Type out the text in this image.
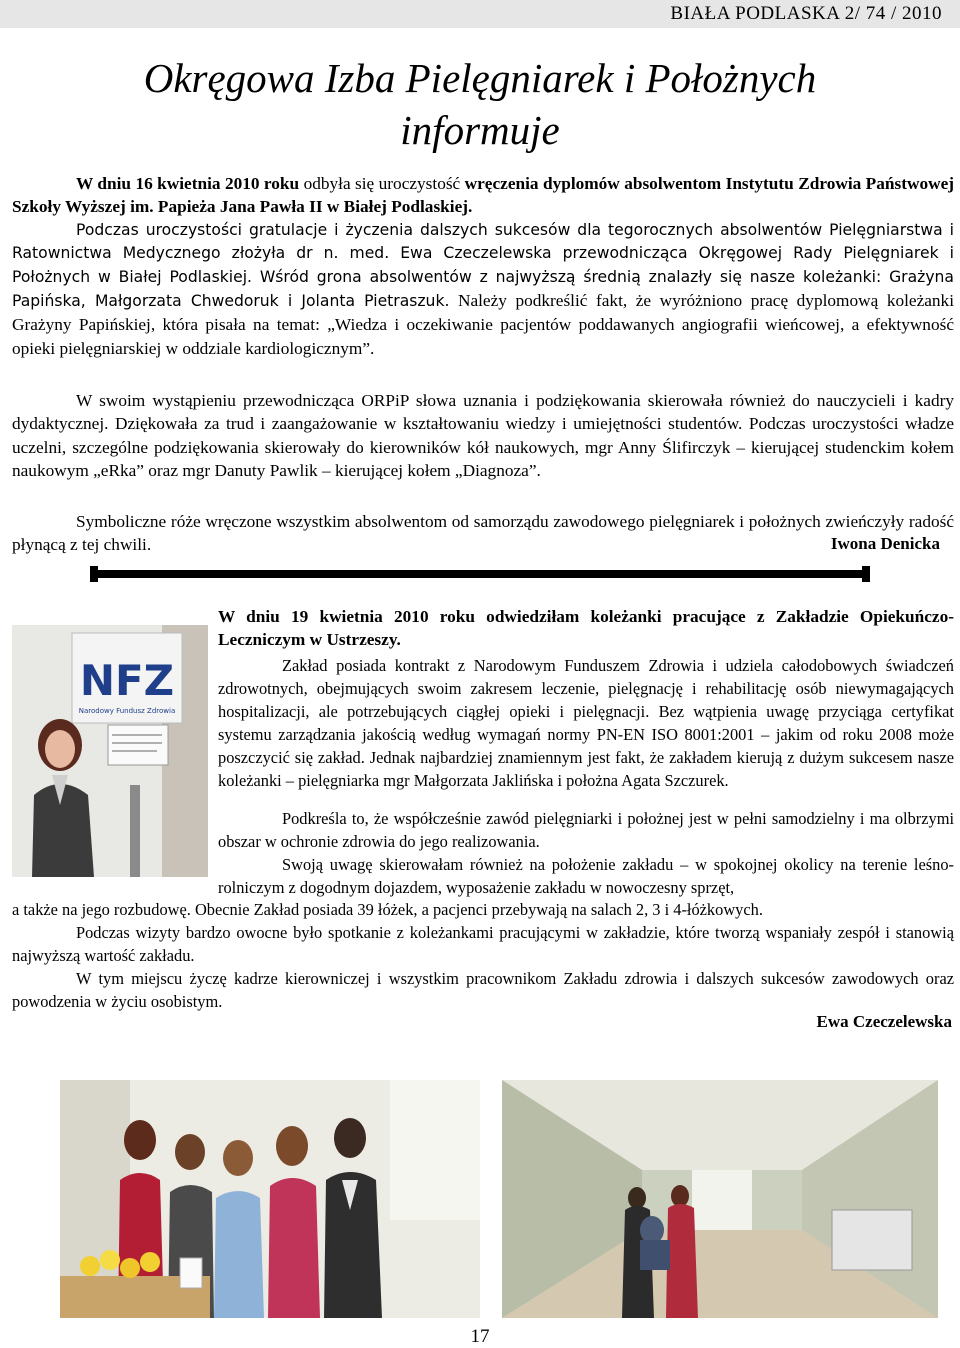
BIAŁA PODLASKA 2/ 74 / 2010
Okręgowa Izba Pielęgniarek i Położnych
informuje

W dniu 16 kwietnia 2010 roku odbyła się uroczystość wręczenia dyplomów absolwentom Instytutu Zdrowia Państwowej Szkoły Wyższej im. Papieża Jana Pawła II w Białej Podlaskiej.

Podczas uroczystości gratulacje i życzenia dalszych sukcesów dla tegorocznych absolwentów Pielęgniarstwa i Ratownictwa Medycznego złożyła dr n. med. Ewa Czeczelewska przewodnicząca Okręgowej Rady Pielęgniarek i Położnych w Białej Podlaskiej. Wśród grona absolwentów z najwyższą średnią znalazły się nasze koleżanki: Grażyna Papińska, Małgorzata Chwedoruk i Jolanta Pietraszuk. Należy podkreślić fakt, że wyróżniono pracę dyplomową koleżanki Grażyny Papińskiej, która pisała na temat: „Wiedza i oczekiwanie pacjentów poddawanych angiografii wieńcowej, a efektywność opieki pielęgniarskiej w oddziale kardiologicznym”.

W swoim wystąpieniu przewodnicząca ORPiP słowa uznania i podziękowania skierowała również do nauczycieli i kadry dydaktycznej. Dziękowała za trud i zaangażowanie w kształtowaniu wiedzy i umiejętności studentów. Podczas uroczystości władze uczelni, szczególne podziękowania skierowały do kierowników kół naukowych, mgr Anny Ślifirczyk – kierującej studenckim kołem naukowym „eRka” oraz mgr Danuty Pawlik – kierującej kołem „Diagnoza”.

Symboliczne róże wręczone wszystkim absolwentom od samorządu zawodowego pielęgniarek i położnych zwieńczyły radość płynącą z tej chwili.	Iwona Denicka
NFZ
Narodowy Fundusz Zdrowia

W dniu 19 kwietnia 2010 roku odwiedziłam koleżanki pracujące z Zakładzie Opiekuńczo-Leczniczym w Ustrzeszy.

Zakład posiada kontrakt z Narodowym Funduszem Zdrowia i udziela całodobowych świadczeń zdrowotnych, obejmujących swoim zakresem leczenie, pielęgnację i rehabilitację osób niewymagających hospitalizacji, ale potrzebujących ciągłej opieki i pielęgnacji. Bez wątpienia uwagę przyciąga certyfikat systemu zarządzania jakością według wymagań normy PN-EN ISO 8001:2001 – jakim od roku 2008 może poszczycić się zakład. Jednak najbardziej znamiennym jest fakt, że zakładem kierują z dużym sukcesem nasze koleżanki – pielęgniarka mgr Małgorzata Jaklińska i położna Agata Szczurek.

Podkreśla to, że współcześnie zawód pielęgniarki i położnej jest w pełni samodzielny i ma olbrzymi obszar w ochronie zdrowia do jego realizowania.

Swoją uwagę skierowałam również na położenie zakładu – w spokojnej okolicy na terenie leśno-rolniczym z dogodnym dojazdem, wyposażenie zakładu w nowoczesny sprzęt,

a także na jego rozbudowę. Obecnie Zakład posiada 39 łóżek, a pacjenci przebywają na salach 2, 3 i 4-łóżkowych.

Podczas wizyty bardzo owocne było spotkanie z koleżankami pracującymi w zakładzie, które tworzą wspaniały zespół i stanowią najwyższą wartość zakładu.

W tym miejscu życzę kadrze kierowniczej i wszystkim pracownikom Zakładu zdrowia i dalszych sukcesów zawodowych oraz powodzenia w życiu osobistym.

Ewa Czeczelewska
17
